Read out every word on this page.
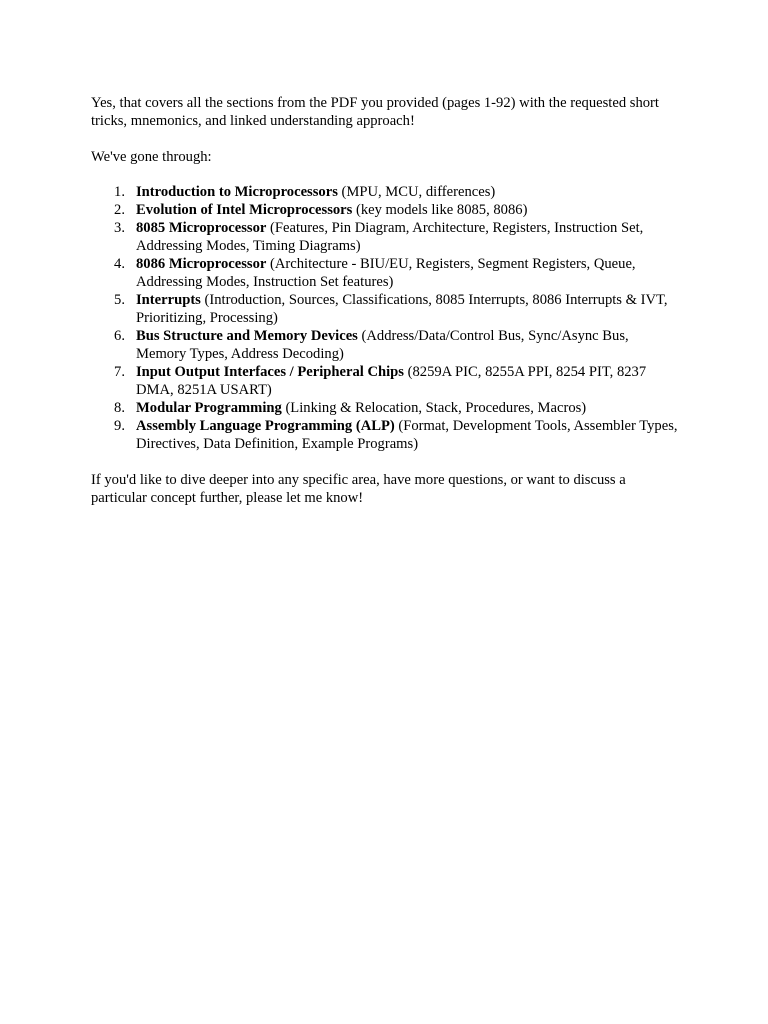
Yes, that covers all the sections from the PDF you provided (pages 1-92) with the requested short tricks, mnemonics, and linked understanding approach!

We've gone through:

1. Introduction to Microprocessors (MPU, MCU, differences)
2. Evolution of Intel Microprocessors (key models like 8085, 8086)
3. 8085 Microprocessor (Features, Pin Diagram, Architecture, Registers, Instruction Set, Addressing Modes, Timing Diagrams)
4. 8086 Microprocessor (Architecture - BIU/EU, Registers, Segment Registers, Queue, Addressing Modes, Instruction Set features)
5. Interrupts (Introduction, Sources, Classifications, 8085 Interrupts, 8086 Interrupts & IVT, Prioritizing, Processing)
6. Bus Structure and Memory Devices (Address/Data/Control Bus, Sync/Async Bus, Memory Types, Address Decoding)
7. Input Output Interfaces / Peripheral Chips (8259A PIC, 8255A PPI, 8254 PIT, 8237 DMA, 8251A USART)
8. Modular Programming (Linking & Relocation, Stack, Procedures, Macros)
9. Assembly Language Programming (ALP) (Format, Development Tools, Assembler Types, Directives, Data Definition, Example Programs)

If you'd like to dive deeper into any specific area, have more questions, or want to discuss a particular concept further, please let me know!
